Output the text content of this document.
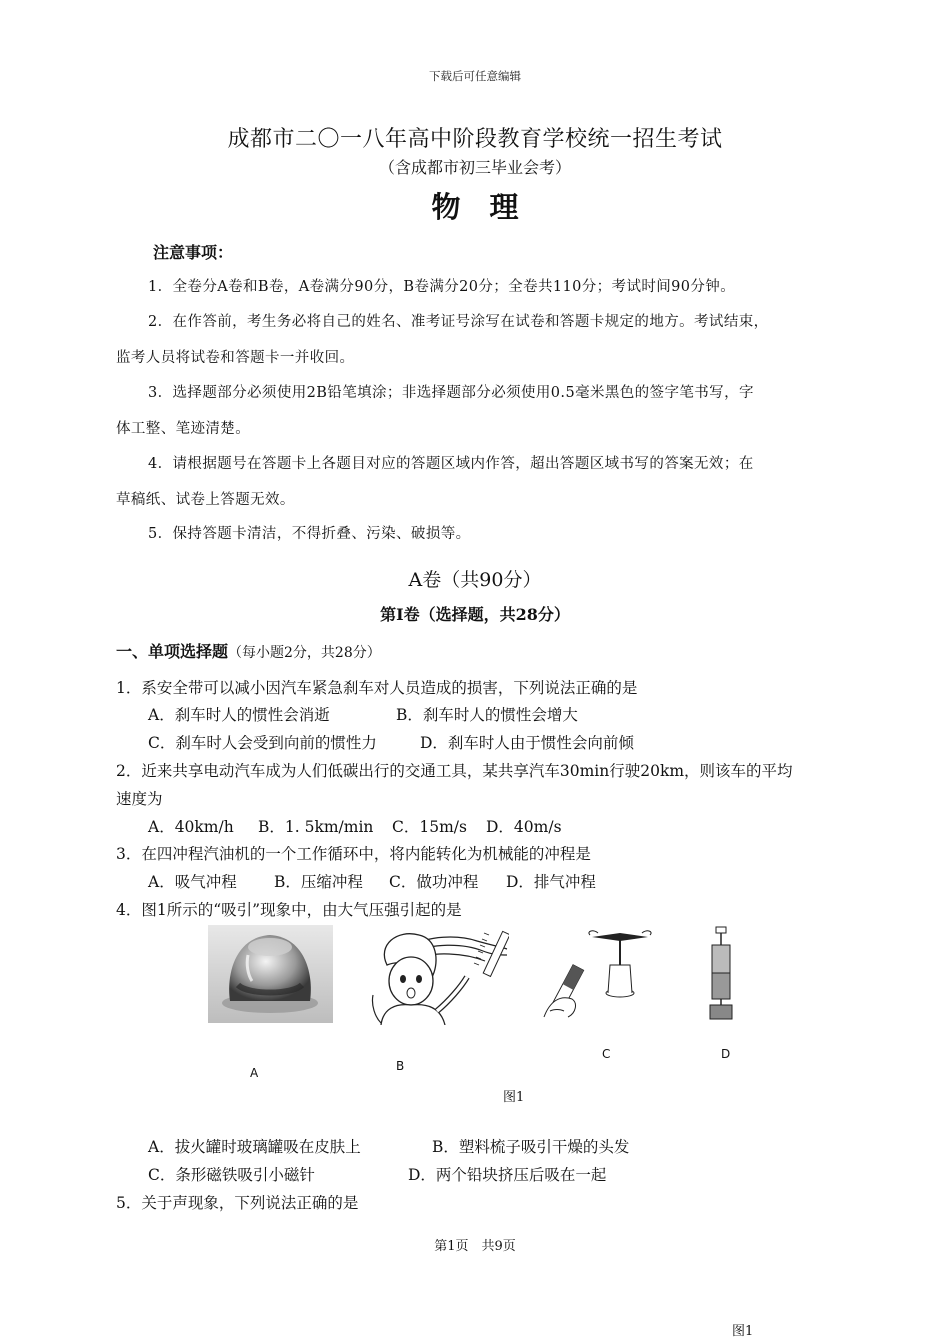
下载后可任意编辑
成都市二〇一八年高中阶段教育学校统一招生考试
（含成都市初三毕业会考）
物　理
注意事项：
1．全卷分A卷和B卷，A卷满分90分，B卷满分20分；全卷共110分；考试时间90分钟。
2．在作答前，考生务必将自己的姓名、准考证号涂写在试卷和答题卡规定的地方。考试结束，
监考人员将试卷和答题卡一并收回。
3．选择题部分必须使用2B铅笔填涂；非选择题部分必须使用0.5毫米黑色的签字笔书写，字
体工整、笔迹清楚。
4．请根据题号在答题卡上各题目对应的答题区域内作答，超出答题区域书写的答案无效；在
草稿纸、试卷上答题无效。
5．保持答题卡清洁，不得折叠、污染、破损等。
A卷（共90分）
第Ⅰ卷（选择题，共28分）
一、单项选择题（每小题2分，共28分）
1．系安全带可以减小因汽车紧急刹车对人员造成的损害，下列说法正确的是
A．刹车时人的惯性会消逝	B．刹车时人的惯性会增大
C．刹车时人会受到向前的惯性力	D．刹车时人由于惯性会向前倾
2．近来共享电动汽车成为人们低碳出行的交通工具，某共享汽车30min行驶20km，则该车的平均
速度为
A．40km/h B．1. 5km/min C．15m/s D．40m/s
3．在四冲程汽油机的一个工作循环中，将内能转化为机械能的冲程是
A．吸气冲程 B．压缩冲程 C．做功冲程 D．排气冲程
4．图1所示的“吸引”现象中，由大气压强引起的是
A	B
C	D
图1
A．拔火罐时玻璃罐吸在皮肤上	B．塑料梳子吸引干燥的头发
C．条形磁铁吸引小磁针	D．两个铅块挤压后吸在一起
5．关于声现象，下列说法正确的是
第1页　共9页
图1
